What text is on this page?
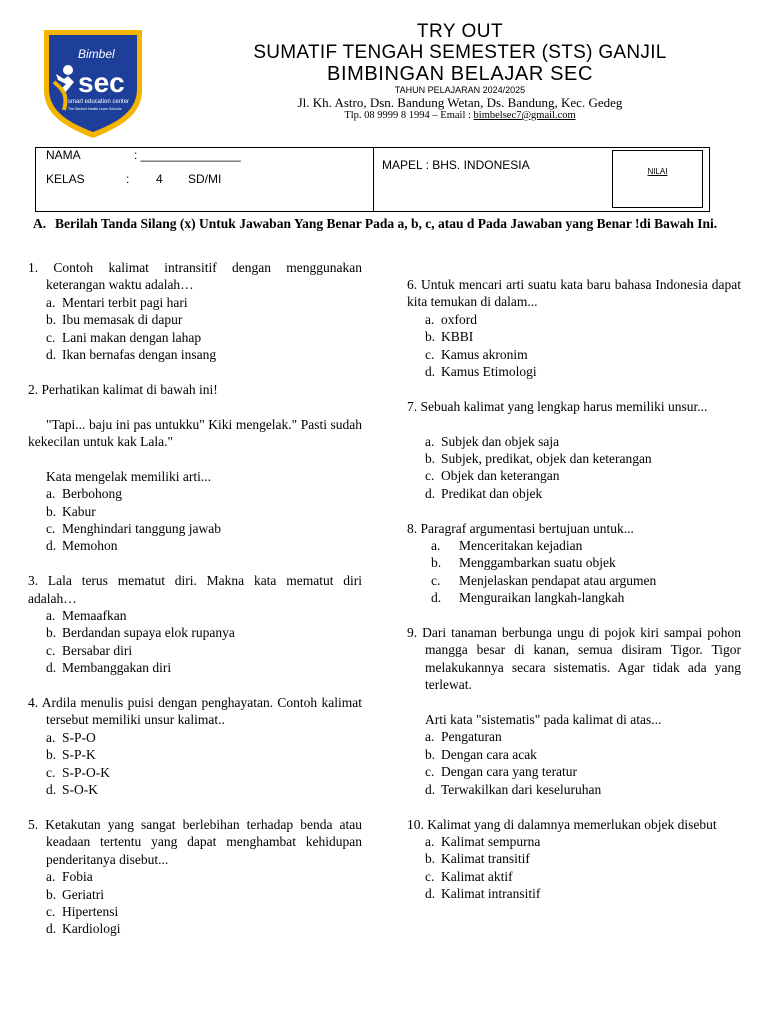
Bimbel
sec
smart education center
The Student Health Learn Schools
TRY OUT
SUMATIF TENGAH SEMESTER (STS) GANJIL
BIMBINGAN BELAJAR SEC
TAHUN PELAJARAN 2024/2025
Jl. Kh. Astro, Dsn. Bandung Wetan, Ds. Bandung, Kec. Gedeg
Tlp. 08 9999 8 1994 – Email : bimbelsec7@gmail.com
NAMA	: _______________
KELAS	: 4 SD/MI
MAPEL : BHS. INDONESIA	NILAI
A. Berilah Tanda Silang (x) Untuk Jawaban Yang Benar Pada a, b, c, atau d Pada Jawaban yang Benar !di Bawah Ini.
1. Contoh kalimat intransitif dengan menggunakan keterangan waktu adalah…
a. Mentari terbit pagi hari
b. Ibu memasak di dapur
c. Lani makan dengan lahap
d. Ikan bernafas dengan insang
2. Perhatikan kalimat di bawah ini!
"Tapi... baju ini pas untukku" Kiki mengelak." Pasti sudah kekecilan untuk kak Lala."
Kata mengelak memiliki arti...
a. Berbohong
b. Kabur
c. Menghindari tanggung jawab
d. Memohon
3. Lala terus mematut diri. Makna kata mematut diri adalah…
a. Memaafkan
b. Berdandan supaya elok rupanya
c. Bersabar diri
d. Membanggakan diri
4. Ardila menulis puisi dengan penghayatan. Contoh kalimat tersebut memiliki unsur kalimat..
a. S-P-O
b. S-P-K
c. S-P-O-K
d. S-O-K
5. Ketakutan yang sangat berlebihan terhadap benda atau keadaan tertentu yang dapat menghambat kehidupan penderitanya disebut...
a. Fobia
b. Geriatri
c. Hipertensi
d. Kardiologi
6. Untuk mencari arti suatu kata baru bahasa Indonesia dapat kita temukan di dalam...
a. oxford
b. KBBI
c. Kamus akronim
d. Kamus Etimologi
7. Sebuah kalimat yang lengkap harus memiliki unsur...
a. Subjek dan objek saja
b. Subjek, predikat, objek dan keterangan
c. Objek dan keterangan
d. Predikat dan objek
8. Paragraf argumentasi bertujuan untuk...
a. Menceritakan kejadian
b. Menggambarkan suatu objek
c. Menjelaskan pendapat atau argumen
d. Menguraikan langkah-langkah
9. Dari tanaman berbunga ungu di pojok kiri sampai pohon mangga besar di kanan, semua disiram Tigor. Tigor melakukannya secara sistematis. Agar tidak ada yang terlewat.
Arti kata "sistematis" pada kalimat di atas...
a. Pengaturan
b. Dengan cara acak
c. Dengan cara yang teratur
d. Terwakilkan dari keseluruhan
10. Kalimat yang di dalamnya memerlukan objek disebut
a. Kalimat sempurna
b. Kalimat transitif
c. Kalimat aktif
d. Kalimat intransitif
